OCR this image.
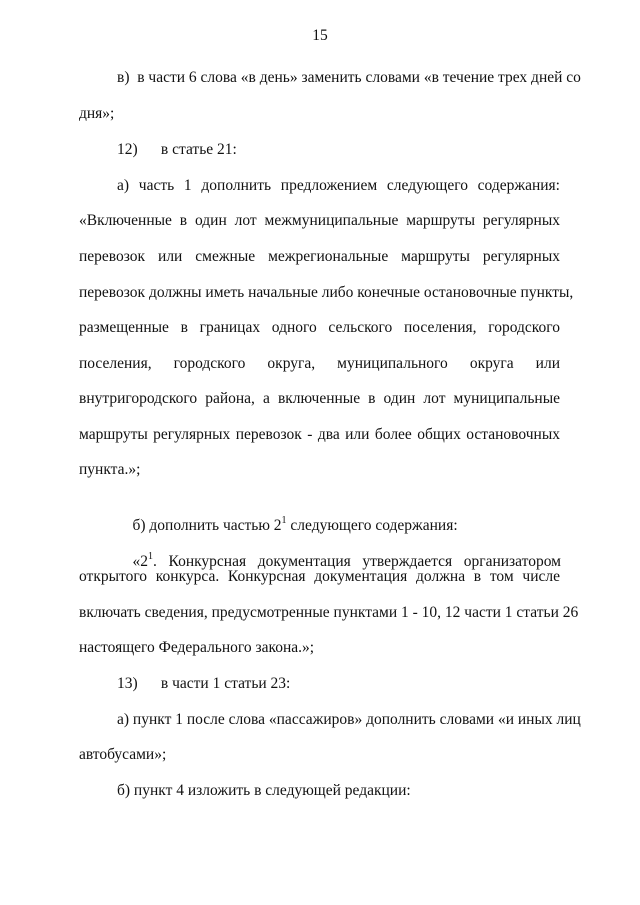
15
в)  в части 6 слова «в день» заменить словами «в течение трех дней со
дня»;
12)      в статье 21:
а)  часть  1  дополнить  предложением  следующего  содержания:
«Включенные в один лот межмуниципальные маршруты регулярных
перевозок  или  смежные  межрегиональные  маршруты  регулярных
перевозок должны иметь начальные либо конечные остановочные пункты,
размещенные  в  границах  одного  сельского  поселения,  городского
поселения,  городского  округа,  муниципального  округа  или
внутригородского района, а включенные в один лот муниципальные
маршруты регулярных перевозок - два или более общих остановочных
пункта.»;

б) дополнить частью $2^1$ следующего содержания:

«$2^1$.   Конкурсная   документация   утверждается   организатором

открытого конкурса. Конкурсная документация должна в том числе
включать сведения, предусмотренные пунктами 1 - 10, 12 части 1 статьи 26
настоящего Федерального закона.»;
13)      в части 1 статьи 23:
а) пункт 1 после слова «пассажиров» дополнить словами «и иных лиц
автобусами»;
б) пункт 4 изложить в следующей редакции:
